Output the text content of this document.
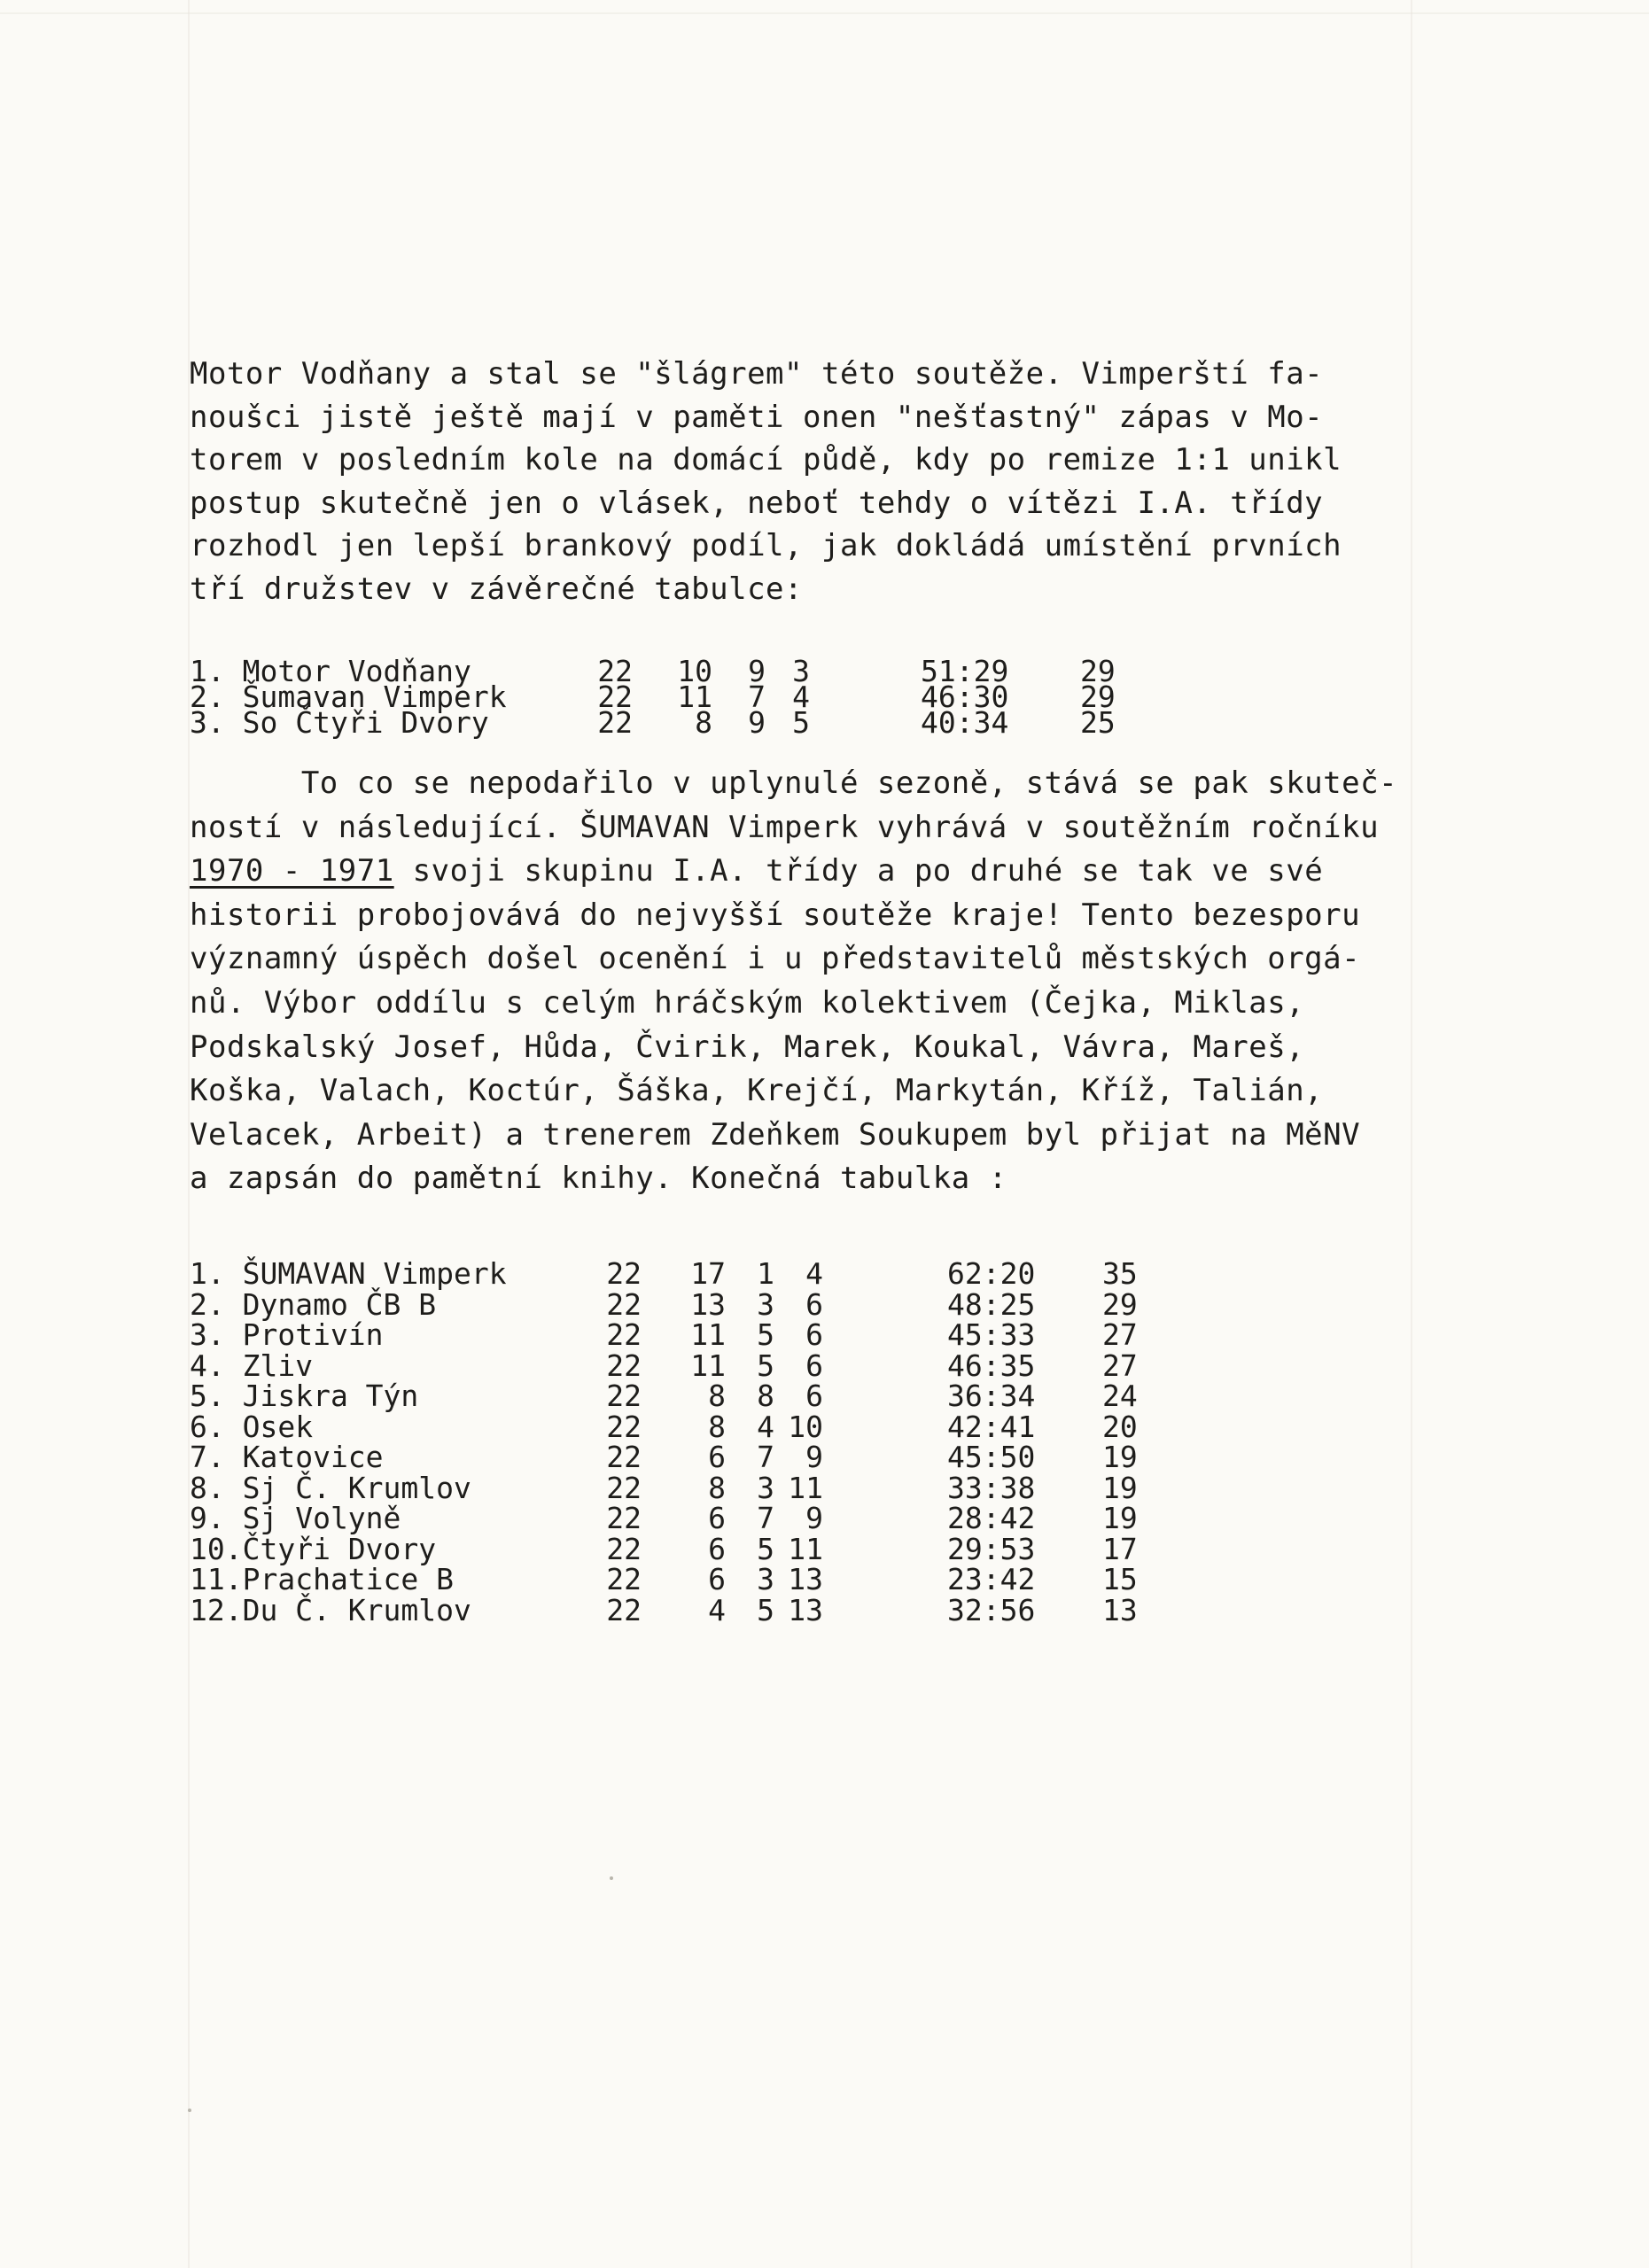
Motor Vodňany a stal se "šlágrem" této soutěže. Vimperští fa-
noušci jistě ještě mají v paměti onen "nešťastný" zápas v Mo-
torem v posledním kole na domácí půdě, kdy po remize 1:1 unikl
postup skutečně jen o vlásek, neboť tehdy o vítězi I.A. třídy
rozhodl jen lepší brankový podíl, jak dokládá umístění prvních
tří družstev v závěrečné tabulce:
1. Motor Vodňany	22	10	9 3	51:29 29
2. Šumavan Vimperk	22	11	7 4	46:30 29
3. So Čtyři Dvory	22	8	9 5	40:34 25
To co se nepodařilo v uplynulé sezoně, stává se pak skuteč-
ností v následující. ŠUMAVAN Vimperk vyhrává v soutěžním ročníku
1970 - 1971 svoji skupinu I.A. třídy a po druhé se tak ve své
historii probojovává do nejvyšší soutěže kraje! Tento bezesporu
významný úspěch došel ocenění i u představitelů městských orgá-
nů. Výbor oddílu s celým hráčským kolektivem (Čejka, Miklas,
Podskalský Josef, Hůda, Čvirik, Marek, Koukal, Vávra, Mareš,
Koška, Valach, Koctúr, Šáška, Krejčí, Markytán, Kříž, Talián,
Velacek, Arbeit) a trenerem Zdeňkem Soukupem byl přijat na MěNV
a zapsán do pamětní knihy. Konečná tabulka :
1. ŠUMAVAN Vimperk	22	17	1	4	62:20 35
2. Dynamo ČB B	22	13	3	6	48:25 29
3. Protivín	22	11	5	6	45:33 27
4. Zliv	22	11	5	6	46:35 27
5. Jiskra Týn	22	8	8	6	36:34 24
6. Osek	22	8	4 10	42:41 20
7. Katovice	22	6	7	9	45:50 19
8. Sj Č. Krumlov	22	8	3 11	33:38 19
9. Sj Volyně	22	6	7	9	28:42 19
10.Čtyři Dvory	22	6	5 11	29:53 17
11.Prachatice B	22	6	3 13	23:42 15
12.Du Č. Krumlov	22	4	5 13	32:56 13
